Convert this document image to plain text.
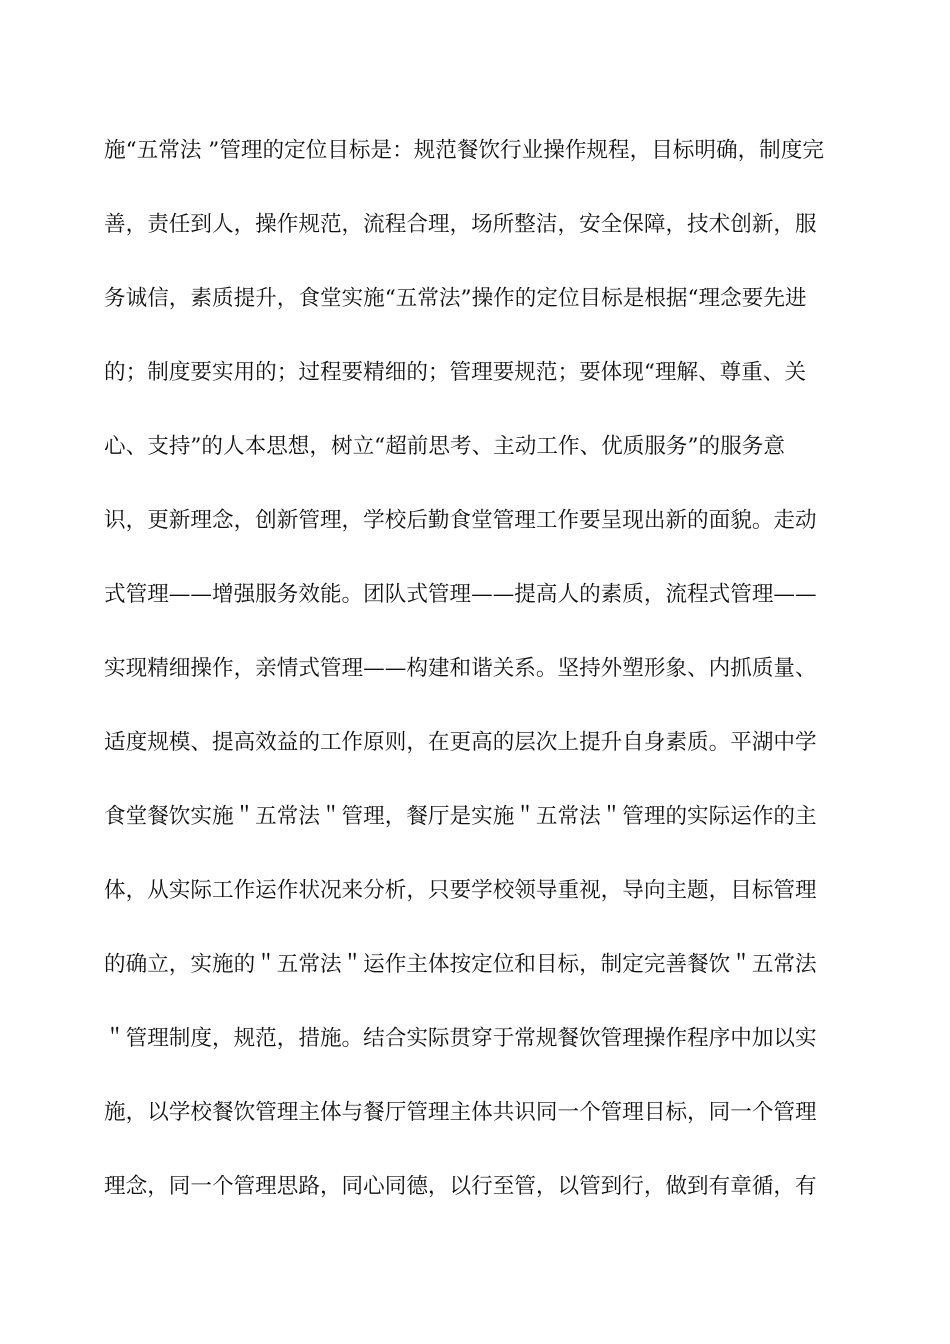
施“五常法 ”管理的定位目标是：规范餐饮行业操作规程，目标明确，制度完
善，责任到人，操作规范，流程合理，场所整洁，安全保障，技术创新，服
务诚信，素质提升，食堂实施“五常法”操作的定位目标是根据“理念要先进
的；制度要实用的；过程要精细的；管理要规范；要体现“理解、尊重、关
心、支持”的人本思想，树立“超前思考、主动工作、优质服务”的服务意
识，更新理念，创新管理，学校后勤食堂管理工作要呈现出新的面貌。走动
式管理——增强服务效能。团队式管理——提高人的素质，流程式管理——
实现精细操作，亲情式管理——构建和谐关系。坚持外塑形象、内抓质量、
适度规模、提高效益的工作原则，在更高的层次上提升自身素质。平湖中学
食堂餐饮实施＂五常法＂管理，餐厅是实施＂五常法＂管理的实际运作的主
体，从实际工作运作状况来分析，只要学校领导重视，导向主题，目标管理
的确立，实施的＂五常法＂运作主体按定位和目标，制定完善餐饮＂五常法
＂管理制度，规范，措施。结合实际贯穿于常规餐饮管理操作程序中加以实
施，以学校餐饮管理主体与餐厅管理主体共识同一个管理目标，同一个管理
理念，同一个管理思路，同心同德，以行至管，以管到行，做到有章循，有
